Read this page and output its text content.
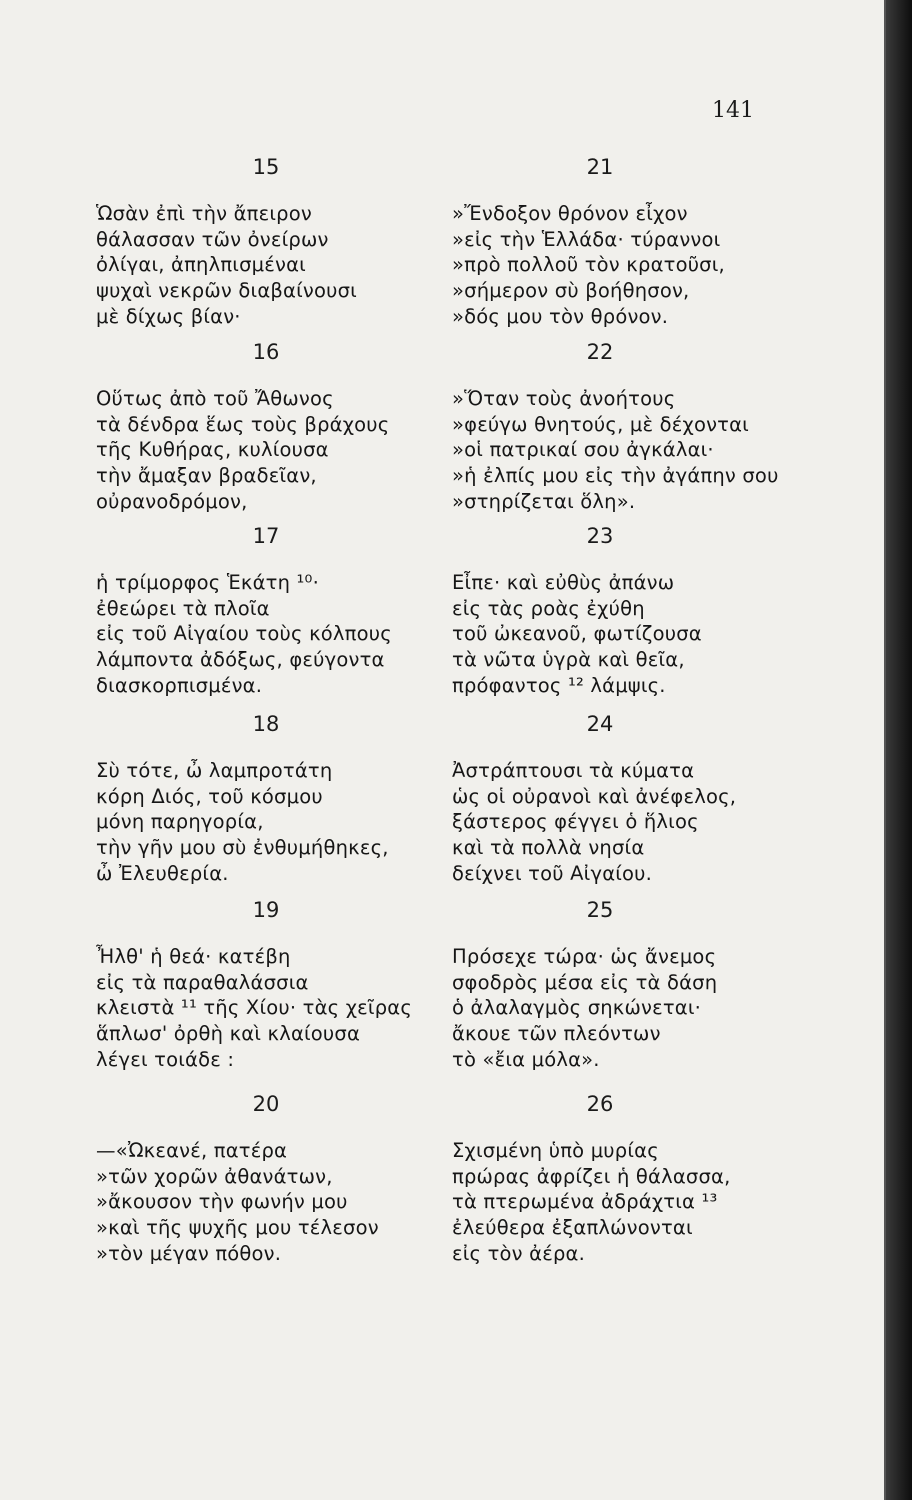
141
15
Ὡσὰν ἐπὶ τὴν ἄπειρον
θάλασσαν τῶν ὀνείρων
ὀλίγαι, ἀπηλπισμέναι
ψυχαὶ νεκρῶν διαβαίνουσι
μὲ δίχως βίαν·
16
Οὕτως ἀπὸ τοῦ Ἄθωνος
τὰ δένδρα ἕως τοὺς βράχους
τῆς Κυθήρας, κυλίουσα
τὴν ἄμαξαν βραδεῖαν,
οὐρανοδρόμον,
17
ἡ τρίμορφος Ἑκάτη ¹⁰·
ἐθεώρει τὰ πλοῖα
εἰς τοῦ Αἰγαίου τοὺς κόλπους
λάμποντα ἀδόξως, φεύγοντα
διασκορπισμένα.
18
Σὺ τότε, ὦ λαμπροτάτη
κόρη Διός, τοῦ κόσμου
μόνη παρηγορία,
τὴν γῆν μου σὺ ἐνθυμήθηκες,
ὦ Ἐλευθερία.
19
Ἦλθ' ἡ θεά· κατέβη
εἰς τὰ παραθαλάσσια
κλειστὰ ¹¹ τῆς Χίου· τὰς χεῖρας
ἅπλωσ' ὀρθὴ καὶ κλαίουσα
λέγει τοιάδε :
20
—«Ὠκεανέ, πατέρα
»τῶν χορῶν ἀθανάτων,
»ἄκουσον τὴν φωνήν μου
»καὶ τῆς ψυχῆς μου τέλεσον
»τὸν μέγαν πόθον.
21
»Ἔνδοξον θρόνον εἶχον
»εἰς τὴν Ἑλλάδα· τύραννοι
»πρὸ πολλοῦ τὸν κρατοῦσι,
»σήμερον σὺ βοήθησον,
»δός μου τὸν θρόνον.
22
»Ὅταν τοὺς ἀνοήτους
»φεύγω θνητούς, μὲ δέχονται
»οἱ πατρικαί σου ἀγκάλαι·
»ἡ ἐλπίς μου εἰς τὴν ἀγάπην σου
»στηρίζεται ὅλη».
23
Εἶπε· καὶ εὐθὺς ἀπάνω
εἰς τὰς ροὰς ἐχύθη
τοῦ ὠκεανοῦ, φωτίζουσα
τὰ νῶτα ὑγρὰ καὶ θεῖα,
πρόφαντος ¹² λάμψις.
24
Ἀστράπτουσι τὰ κύματα
ὡς οἱ οὐρανοὶ καὶ ἀνέφελος,
ξάστερος φέγγει ὁ ἥλιος
καὶ τὰ πολλὰ νησία
δείχνει τοῦ Αἰγαίου.
25
Πρόσεχε τώρα· ὡς ἄνεμος
σφοδρὸς μέσα εἰς τὰ δάση
ὁ ἀλαλαγμὸς σηκώνεται·
ἄκουε τῶν πλεόντων
τὸ «ἔια μόλα».
26
Σχισμένη ὑπὸ μυρίας
πρώρας ἀφρίζει ἡ θάλασσα,
τὰ πτερωμένα ἀδράχτια ¹³
ἐλεύθερα ἐξαπλώνονται
εἰς τὸν ἀέρα.
